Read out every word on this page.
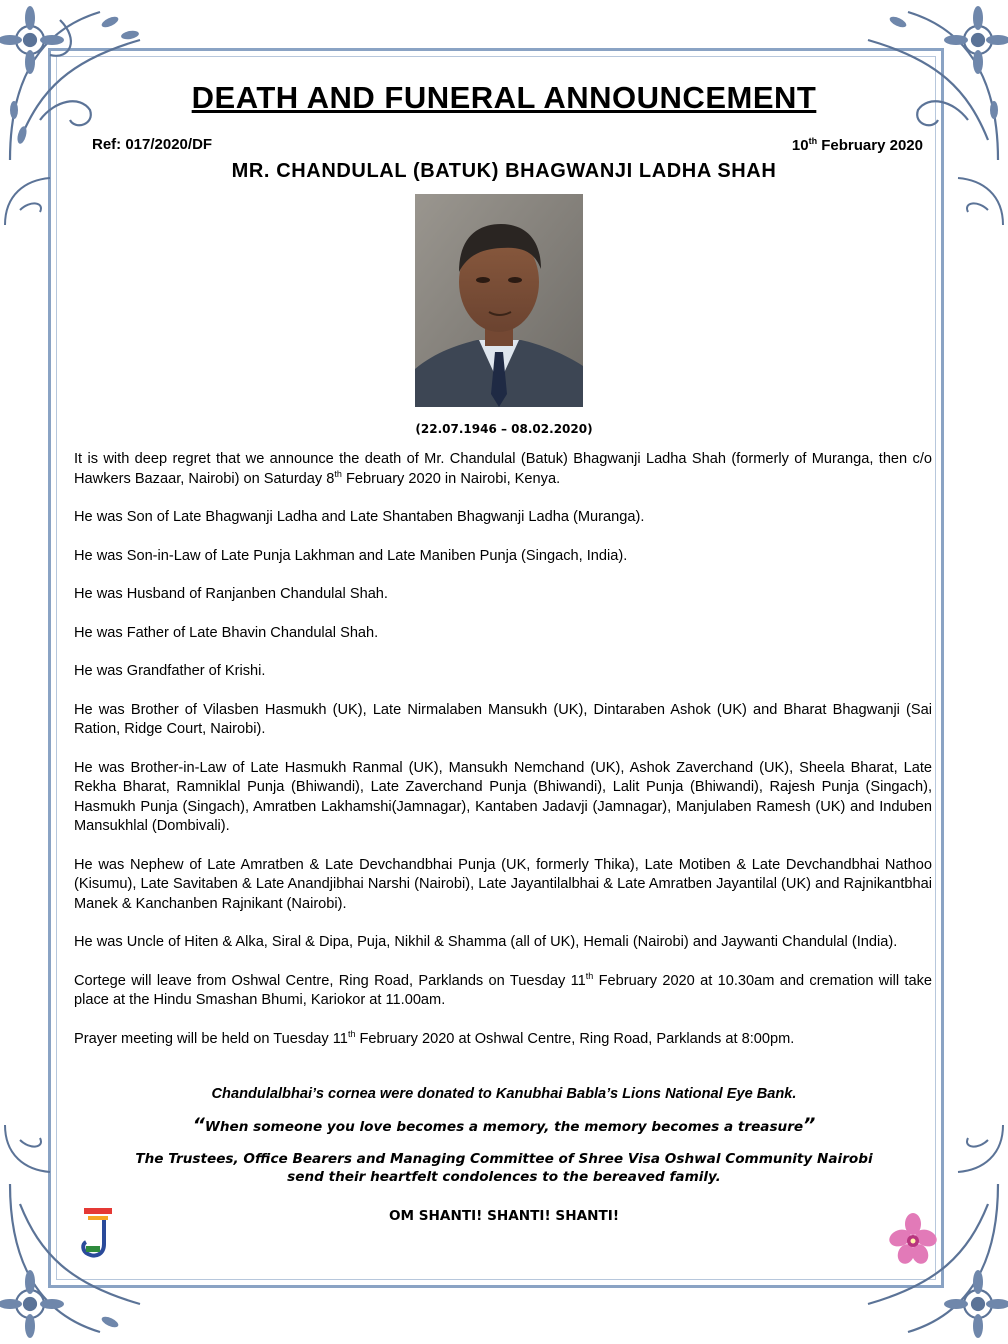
DEATH AND FUNERAL ANNOUNCEMENT
Ref: 017/2020/DF	10th February 2020
MR. CHANDULAL (BATUK) BHAGWANJI LADHA SHAH
(22.07.1946 – 08.02.2020)

It is with deep regret that we announce the death of Mr. Chandulal (Batuk) Bhagwanji Ladha Shah (formerly of Muranga, then c/o Hawkers Bazaar, Nairobi) on Saturday 8th February 2020 in Nairobi, Kenya.

He was Son of Late Bhagwanji Ladha and Late Shantaben Bhagwanji Ladha (Muranga).

He was Son-in-Law of Late Punja Lakhman and Late Maniben Punja (Singach, India).

He was Husband of Ranjanben Chandulal Shah.

He was Father of Late Bhavin Chandulal Shah.

He was Grandfather of Krishi.

He was Brother of Vilasben Hasmukh (UK), Late Nirmalaben Mansukh (UK), Dintaraben Ashok (UK) and Bharat Bhagwanji (Sai Ration, Ridge Court, Nairobi).

He was Brother-in-Law of Late Hasmukh Ranmal (UK), Mansukh Nemchand (UK), Ashok Zaverchand (UK), Sheela Bharat, Late Rekha Bharat, Ramniklal Punja (Bhiwandi), Late Zaverchand Punja (Bhiwandi), Lalit Punja (Bhiwandi), Rajesh Punja (Singach), Hasmukh Punja (Singach), Amratben Lakhamshi(Jamnagar), Kantaben Jadavji (Jamnagar), Manjulaben Ramesh (UK) and Induben Mansukhlal (Dombivali).

He was Nephew of Late Amratben & Late Devchandbhai Punja (UK, formerly Thika), Late Motiben & Late Devchandbhai Nathoo (Kisumu), Late Savitaben & Late Anandjibhai Narshi (Nairobi), Late Jayantilalbhai & Late Amratben Jayantilal (UK) and Rajnikantbhai Manek & Kanchanben Rajnikant (Nairobi).

He was Uncle of Hiten & Alka, Siral & Dipa, Puja, Nikhil & Shamma (all of UK), Hemali (Nairobi) and Jaywanti Chandulal (India).

Cortege will leave from Oshwal Centre, Ring Road, Parklands on Tuesday 11th February 2020 at 10.30am and cremation will take place at the Hindu Smashan Bhumi, Kariokor at 11.00am.

Prayer meeting will be held on Tuesday 11th February 2020 at Oshwal Centre, Ring Road, Parklands at 8:00pm.

Chandulalbhai’s cornea were donated to Kanubhai Babla’s Lions National Eye Bank.
“When someone you love becomes a memory, the memory becomes a treasure”
The Trustees, Office Bearers and Managing Committee of Shree Visa Oshwal Community Nairobi
send their heartfelt condolences to the bereaved family.
OM SHANTI! SHANTI! SHANTI!
